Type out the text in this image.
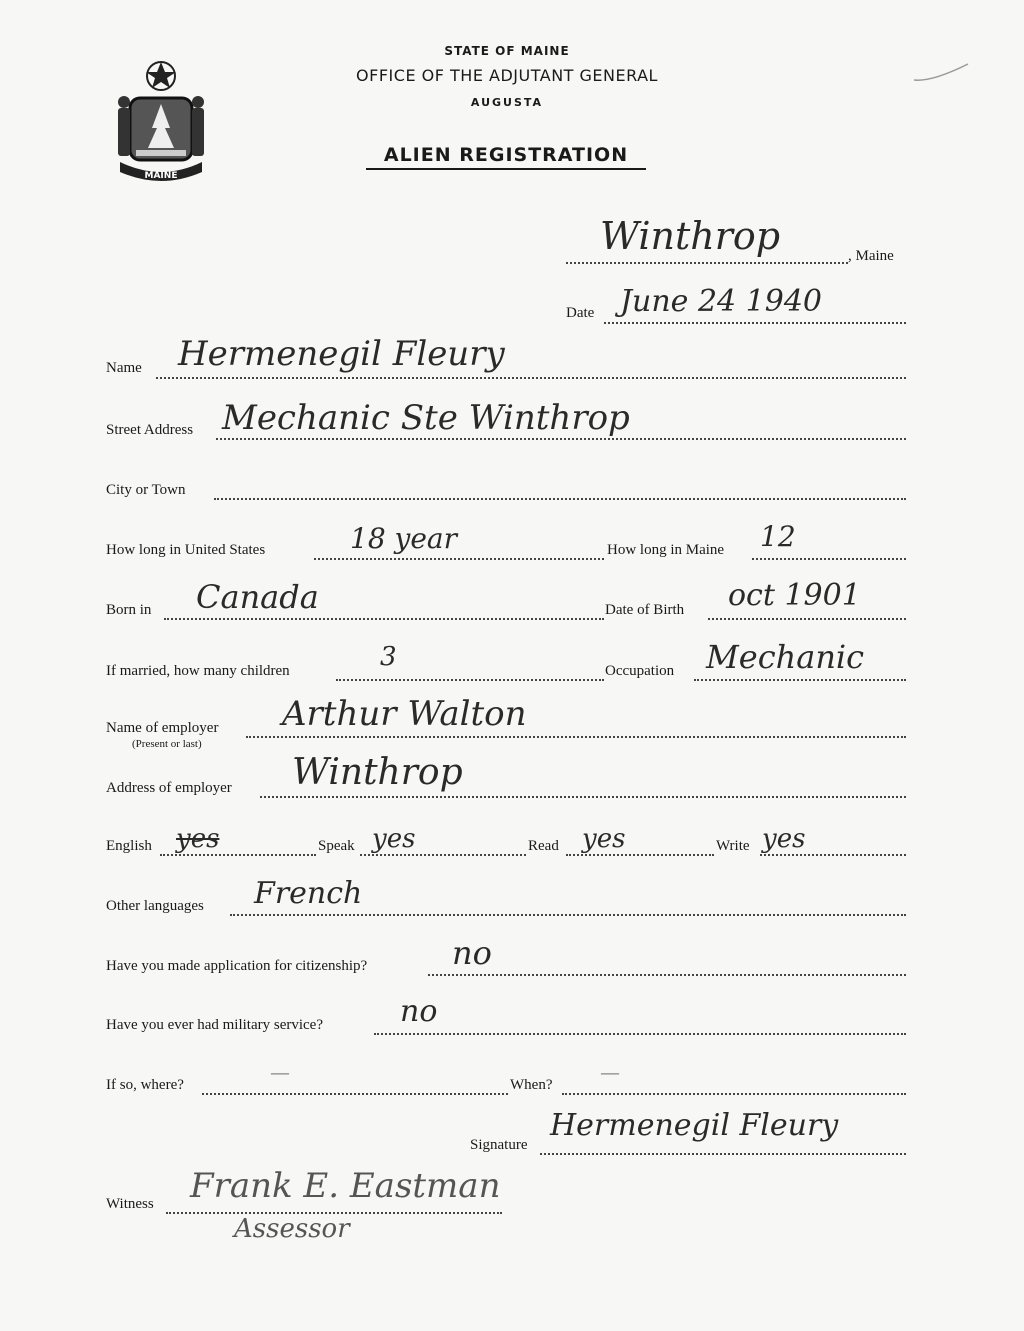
MAINE
STATE OF MAINE
OFFICE OF THE ADJUTANT GENERAL
AUGUSTA
ALIEN REGISTRATION
Winthrop	, Maine
Date June 24 1940
Name Hermenegil Fleury
Street Address Mechanic Ste Winthrop
City or Town
How long in United States	18 year	How long in Maine 12
Born in Canada	Date of Birth oct 1901
If married, how many children	3	Occupation Mechanic
Name of employer
(Present or last)
Arthur Walton
Address of employer Winthrop
English yes	Speak yes	Read yes	Write yes
Other languages French
Have you made application for citizenship?	no
Have you ever had military service?	no
If so, where?
—
When?
—
Signature
Hermenegil Fleury
Witness Frank E. Eastman
Assessor
